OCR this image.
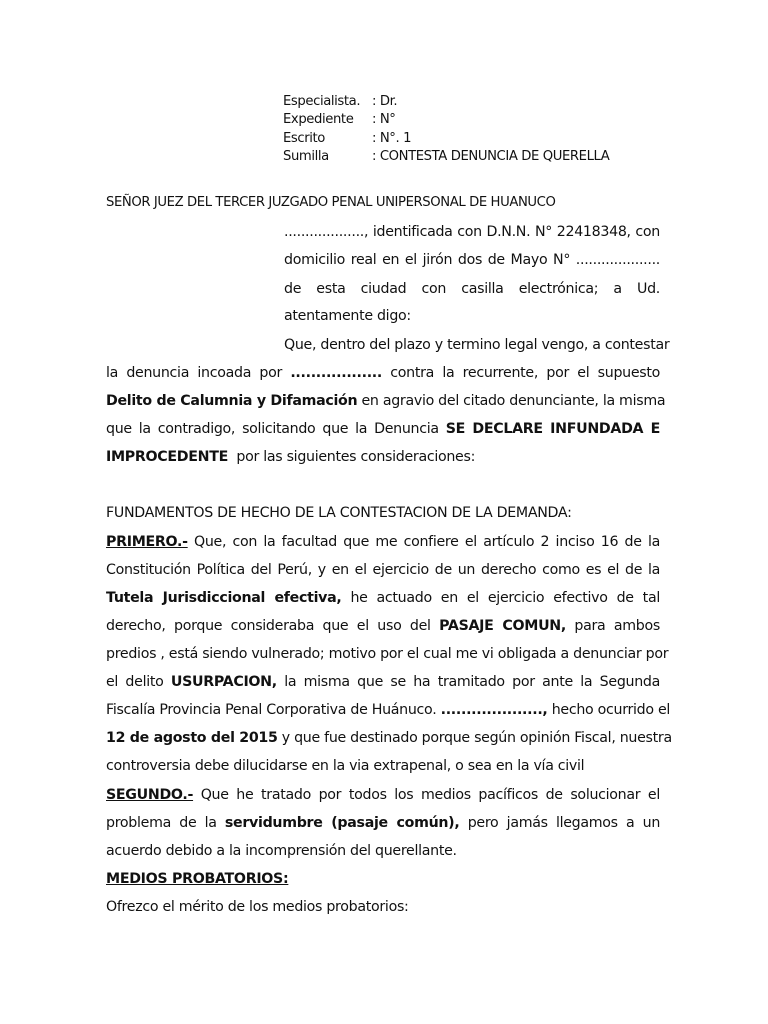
Especialista. : Dr.
Expediente : N°
Escrito	: N°. 1
Sumilla	: CONTESTA DENUNCIA DE QUERELLA
SEÑOR JUEZ DEL TERCER JUZGADO PENAL UNIPERSONAL DE HUANUCO
..................., identificada con D.N.N. N° 22418348, con
domicilio real en el jirón dos de Mayo N° ....................
de esta ciudad con casilla electrónica; a Ud.
atentamente digo:
Que, dentro del plazo y termino legal vengo, a contestar
la denuncia incoada por .................. contra la recurrente, por el supuesto
Delito de Calumnia y Difamación en agravio del citado denunciante, la misma
que la contradigo, solicitando que la Denuncia SE DECLARE INFUNDADA E
IMPROCEDENTE por las siguientes consideraciones:
FUNDAMENTOS DE HECHO DE LA CONTESTACION DE LA DEMANDA:
PRIMERO.- Que, con la facultad que me confiere el artículo 2 inciso 16 de la
Constitución Política del Perú, y en el ejercicio de un derecho como es el de la
Tutela Jurisdiccional efectiva, he actuado en el ejercicio efectivo de tal
derecho, porque consideraba que el uso del PASAJE COMUN, para ambos
predios , está siendo vulnerado; motivo por el cual me vi obligada a denunciar por
el delito USURPACION, la misma que se ha tramitado por ante la Segunda
Fiscalía Provincia Penal Corporativa de Huánuco. ...................., hecho ocurrido el
12 de agosto del 2015 y que fue destinado porque según opinión Fiscal, nuestra
controversia debe dilucidarse en la via extrapenal, o sea en la vía civil
SEGUNDO.- Que he tratado por todos los medios pacíficos de solucionar el
problema de la servidumbre (pasaje común), pero jamás llegamos a un
acuerdo debido a la incomprensión del querellante.
MEDIOS PROBATORIOS:
Ofrezco el mérito de los medios probatorios:
